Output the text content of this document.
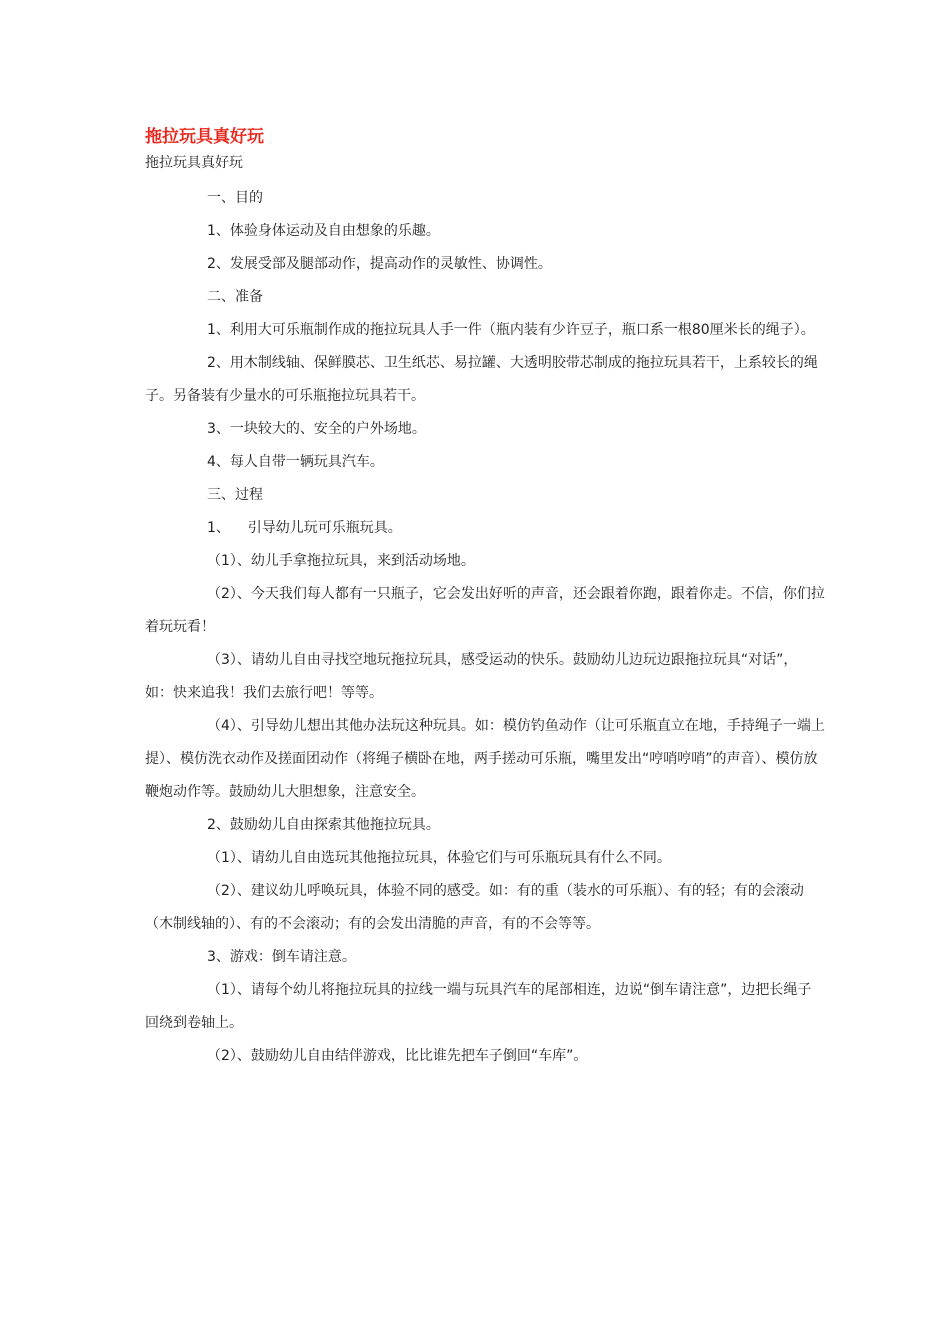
拖拉玩具真好玩
拖拉玩具真好玩

一、目的

1、体验身体运动及自由想象的乐趣。

2、发展受部及腿部动作，提高动作的灵敏性、协调性。

二、准备

1、利用大可乐瓶制作成的拖拉玩具人手一件（瓶内装有少许豆子，瓶口系一根80厘米长的绳子）。

2、用木制线轴、保鲜膜芯、卫生纸芯、易拉罐、大透明胶带芯制成的拖拉玩具若干，上系较长的绳子。另备装有少量水的可乐瓶拖拉玩具若干。

3、一块较大的、安全的户外场地。

4、每人自带一辆玩具汽车。

三、过程

1、    引导幼儿玩可乐瓶玩具。

（1）、幼儿手拿拖拉玩具，来到活动场地。

（2）、今天我们每人都有一只瓶子，它会发出好听的声音，还会跟着你跑，跟着你走。不信，你们拉着玩玩看！

（3）、请幼儿自由寻找空地玩拖拉玩具，感受运动的快乐。鼓励幼儿边玩边跟拖拉玩具“对话”，如：快来追我！我们去旅行吧！等等。

（4）、引导幼儿想出其他办法玩这种玩具。如：模仿钓鱼动作（让可乐瓶直立在地，手持绳子一端上提）、模仿洗衣动作及搓面团动作（将绳子横卧在地，两手搓动可乐瓶，嘴里发出“哼哨哼哨”的声音）、模仿放鞭炮动作等。鼓励幼儿大胆想象，注意安全。

2、鼓励幼儿自由探索其他拖拉玩具。

（1）、请幼儿自由选玩其他拖拉玩具，体验它们与可乐瓶玩具有什么不同。

（2）、建议幼儿呼唤玩具，体验不同的感受。如：有的重（装水的可乐瓶）、有的轻；有的会滚动（木制线轴的）、有的不会滚动；有的会发出清脆的声音，有的不会等等。

3、游戏：倒车请注意。

（1）、请每个幼儿将拖拉玩具的拉线一端与玩具汽车的尾部相连，边说“倒车请注意”，边把长绳子回绕到卷轴上。

（2）、鼓励幼儿自由结伴游戏，比比谁先把车子倒回“车库”。
